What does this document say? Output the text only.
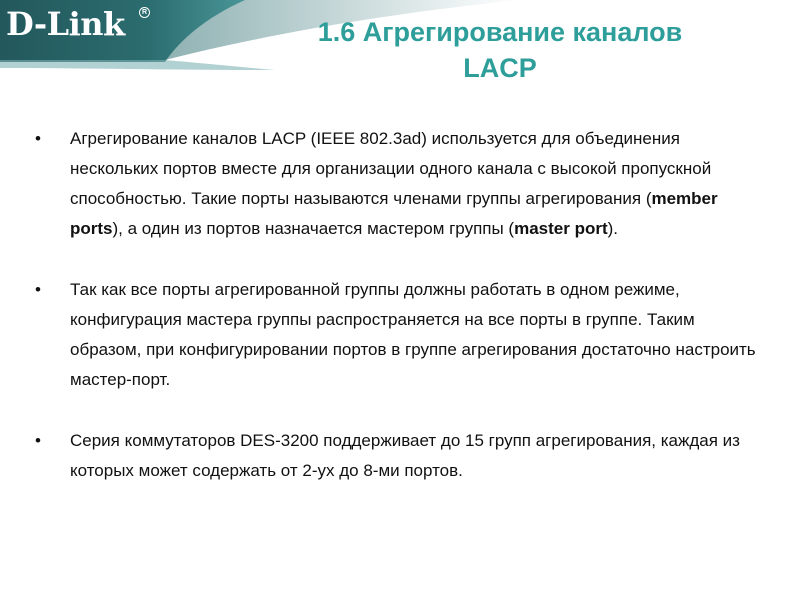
D-Link	R
1.6 Агрегирование каналов
LACP
•	Агрегирование каналов LACP (IEEE 802.3ad) используется для объединения нескольких портов вместе для организации одного канала с высокой пропускной способностью. Такие порты называются членами группы агрегирования (member ports), а один из портов назначается мастером группы (master port).
•	Так как все порты агрегированной группы должны работать в одном режиме, конфигурация мастера группы распространяется на все порты в группе. Таким образом, при конфигурировании портов в группе агрегирования достаточно настроить мастер-порт.
•	Серия коммутаторов DES-3200 поддерживает до 15 групп агрегирования, каждая из которых может содержать от 2-ух до 8-ми портов.
